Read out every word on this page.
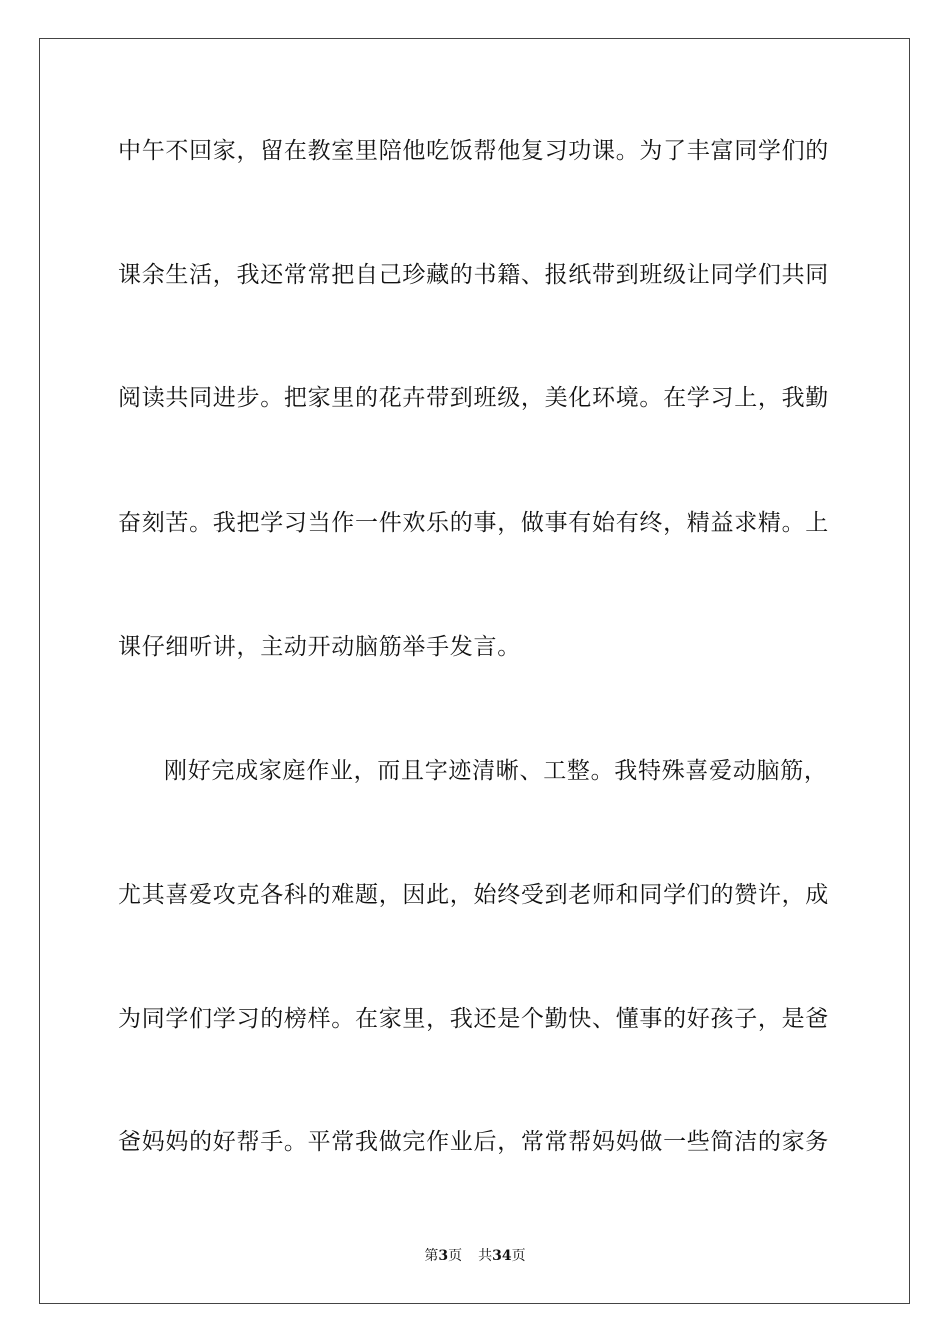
中午不回家，留在教室里陪他吃饭帮他复习功课。为了丰富同学们的
课余生活，我还常常把自己珍藏的书籍、报纸带到班级让同学们共同
阅读共同进步。把家里的花卉带到班级，美化环境。在学习上，我勤
奋刻苦。我把学习当作一件欢乐的事，做事有始有终，精益求精。上
课仔细听讲，主动开动脑筋举手发言。
刚好完成家庭作业，而且字迹清晰、工整。我特殊喜爱动脑筋，
尤其喜爱攻克各科的难题，因此，始终受到老师和同学们的赞许，成
为同学们学习的榜样。在家里，我还是个勤快、懂事的好孩子，是爸
爸妈妈的好帮手。平常我做完作业后，常常帮妈妈做一些简洁的家务
第3页 共34页
